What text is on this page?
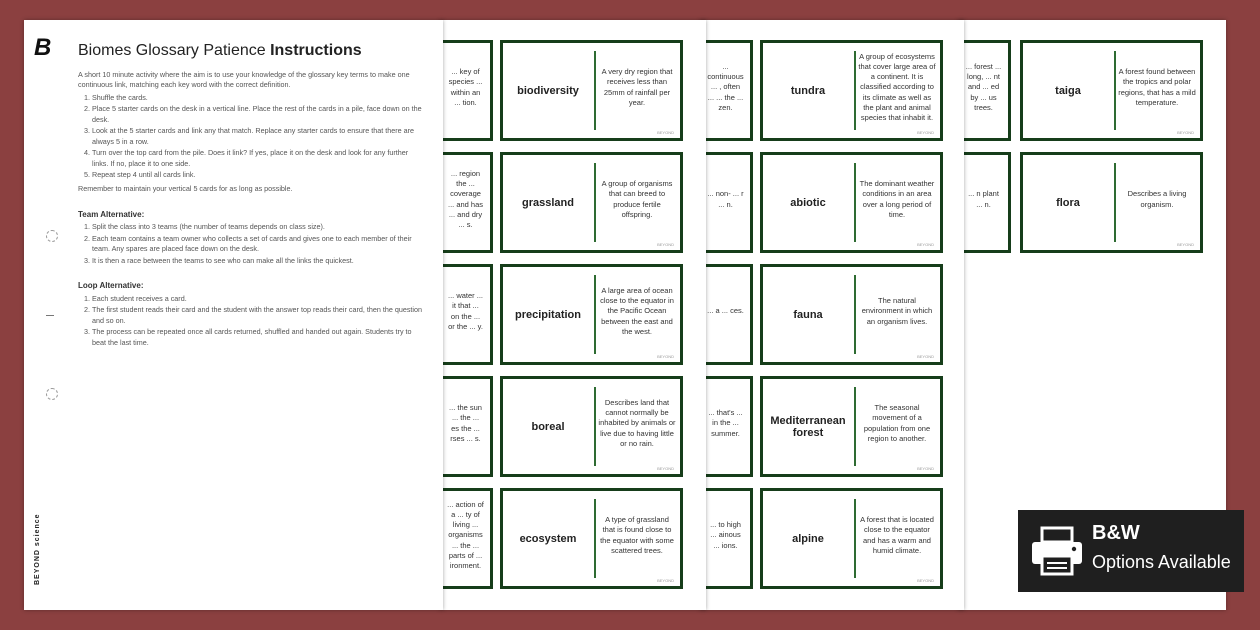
... forest ... long, ... nt and ... ed by ... us trees.
... n plant ... n.
taiga
A forest found between the tropics and polar regions, that has a mild temperature.
BEYOND
flora
Describes a living organism.
BEYOND
... continuous ... , often ... ... the ... zen.
... non- ... r ... n.
... a ... ces.
... that's ... in the ... summer.
... to high ... ainous ... ions.
tundra
A group of ecosystems that cover large area of a continent. It is classified according to its climate as well as the plant and animal species that inhabit it.
BEYOND
abiotic
The dominant weather conditions in an area over a long period of time.
BEYOND
fauna
The natural environment in which an organism lives.
BEYOND
Mediterranean forest
The seasonal movement of a population from one region to another.
BEYOND
alpine
A forest that is located close to the equator and has a warm and humid climate.
BEYOND
... key of species ... within an ... tion.
... region the ... coverage ... and has ... and dry ... s.
... water ... it that ... on the ... or the ... y.
... the sun ... the ... es the ... rses ... s.
... action of a ... ty of living ... organisms ... the ... parts of ... ironment.
biodiversity
A very dry region that receives less than 25mm of rainfall per year.
BEYOND
grassland
A group of organisms that can breed to produce fertile offspring.
BEYOND
precipitation
A large area of ocean close to the equator in the Pacific Ocean between the east and the west.
BEYOND
boreal
Describes land that cannot normally be inhabited by animals or live due to having little or no rain.
BEYOND
ecosystem
A type of grassland that is found close to the equator with some scattered trees.
BEYOND
B Biomes Glossary Patience Instructions

A short 10 minute activity where the aim is to use your knowledge of the glossary key terms to make one continuous link, matching each key word with the correct definition.

1. Shuffle the cards.
2. Place 5 starter cards on the desk in a vertical line. Place the rest of the cards in a pile, face down on the desk.
3. Look at the 5 starter cards and link any that match. Replace any starter cards to ensure that there are always 5 in a row.
4. Turn over the top card from the pile. Does it link? If yes, place it on the desk and look for any further links. If no, place it to one side.
5. Repeat step 4 until all cards link.

Remember to maintain your vertical 5 cards for as long as possible.

Team Alternative:
1. Split the class into 3 teams (the number of teams depends on class size).
2. Each team contains a team owner who collects a set of cards and gives one to each member of their team. Any spares are placed face down on the desk.
3. It is then a race between the teams to see who can make all the links the quickest.
Loop Alternative:
1. Each student receives a card.
2. The first student reads their card and the student with the answer top reads their card, then the question and so on.
3. The process can be repeated once all cards returned, shuffled and handed out again. Students try to beat the last time.
BEYOND science	B&W
Options Available
